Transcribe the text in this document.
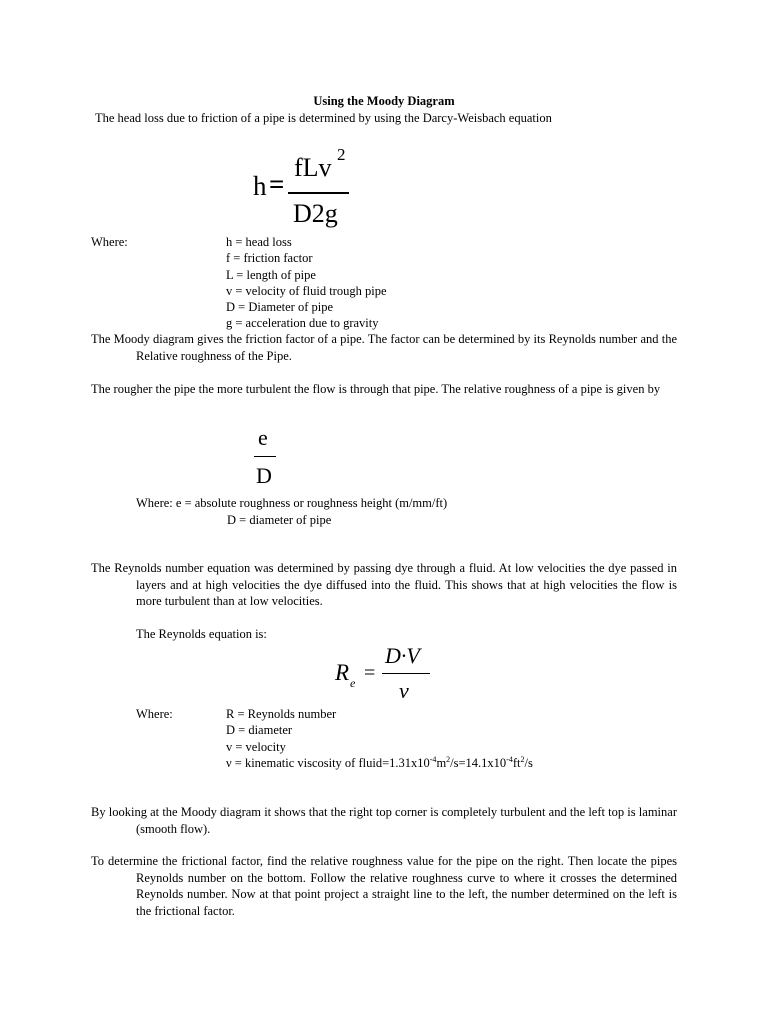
Using the Moody Diagram
The head loss due to friction of a pipe is determined by using the Darcy-Weisbach equation
h =
fLv 2
D2g
Where:	h = head loss
f = friction factor
L = length of pipe
v = velocity of fluid trough pipe
D = Diameter of pipe
g = acceleration due to gravity
The Moody diagram gives the friction factor of a pipe. The factor can be determined by its Reynolds number and the Relative roughness of the Pipe.
The rougher the pipe the more turbulent the flow is through that pipe. The relative roughness of a pipe is given by
e
D
Where: e = absolute roughness or roughness height (m/mm/ft)
D = diameter of pipe
The Reynolds number equation was determined by passing dye through a fluid. At low velocities the dye passed in layers and at high velocities the dye diffused into the fluid. This shows that at high velocities the flow is more turbulent than at low velocities.
The Reynolds equation is:
R e =
D·V
ν
Where:	R = Reynolds number
D = diameter
v = velocity
ν = kinematic viscosity of $fluid=1.31x10^{-4}m^2/s=14.1x10^{-4}ft^2/s$
By looking at the Moody diagram it shows that the right top corner is completely turbulent and the left top is laminar (smooth flow).
To determine the frictional factor, find the relative roughness value for the pipe on the right. Then locate the pipes Reynolds number on the bottom. Follow the relative roughness curve to where it crosses the determined Reynolds number. Now at that point project a straight line to the left, the number determined on the left is the frictional factor.
